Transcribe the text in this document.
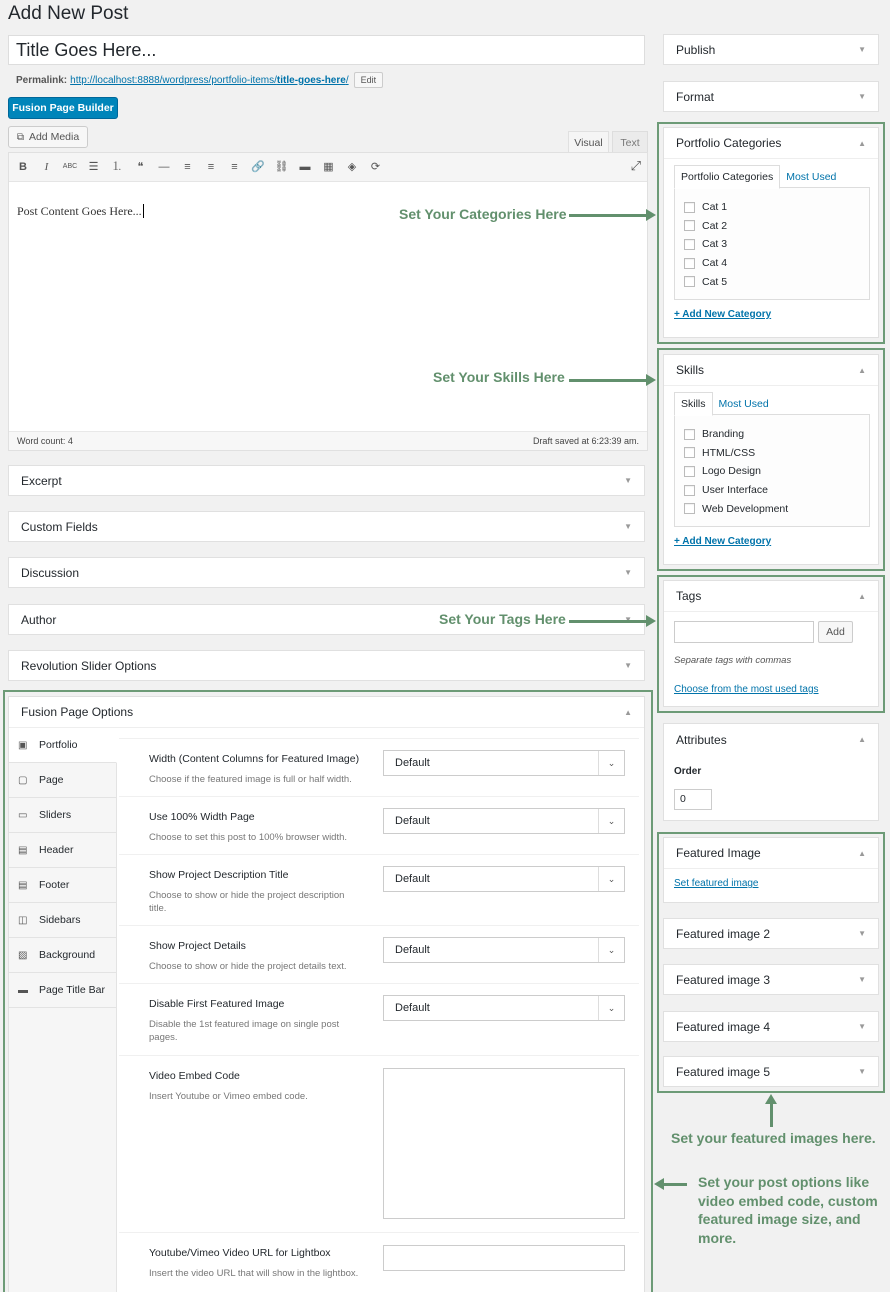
Add New Post
Title Goes Here...
Permalink: http://localhost:8888/wordpress/portfolio-items/title-goes-here/	Edit
Fusion Page Builder
⧉ Add Media	Visual	Text
B	I	ABC	☰	⒈	❝	—	≡	≡	≡	🔗 ⛓	▬	▦	◈	⟳	⤢
Post Content Goes Here...
Word count: 4	Draft saved at 6:23:39 am.
Excerpt	▼
Custom Fields	▼
Discussion	▼
Author
Revolution Slider Options	▼
Fusion Page Options	▲
▣	Portfolio
▢	Page
▭	Sliders
▤	Header
▤	Footer
◫	Sidebars
▨	Background
▬	Page Title Bar
Video Embed Code
Insert Youtube or Vimeo embed code.
Youtube/Vimeo Video URL for Lightbox
Insert the video URL that will show in the lightbox.
Width (Content Columns for Featured Image)
Choose if the featured image is full or half width.
Default	⌄
Use 100% Width Page
Choose to set this post to 100% browser width.
Default	⌄
Show Project Description Title
Choose to show or hide the project description title.
Default	⌄
Show Project Details
Choose to show or hide the project details text.
Default	⌄
Disable First Featured Image
Disable the 1st featured image on single post pages.
Default	⌄
Publish	▼
Format	▼
Portfolio Categories	▲
Portfolio Categories Most Used
Cat 1
Cat 2
Cat 3
Cat 4
Cat 5
+ Add New Category
Skills	▲
Skills Most Used
Branding
HTML/CSS
Logo Design
User Interface
Web Development
+ Add New Category
Tags	▲
Add
Separate tags with commas
Choose from the most used tags
Attributes	▲
Order
0
Featured Image	▲
Set featured image
Featured image 2	▼
Featured image 3	▼
Featured image 4	▼
Featured image 5	▼
Set Your Categories Here
Set Your Skills Here
Set Your Tags Here
Set your featured images here.
Set your post options like video embed code, custom featured image size, and more.
